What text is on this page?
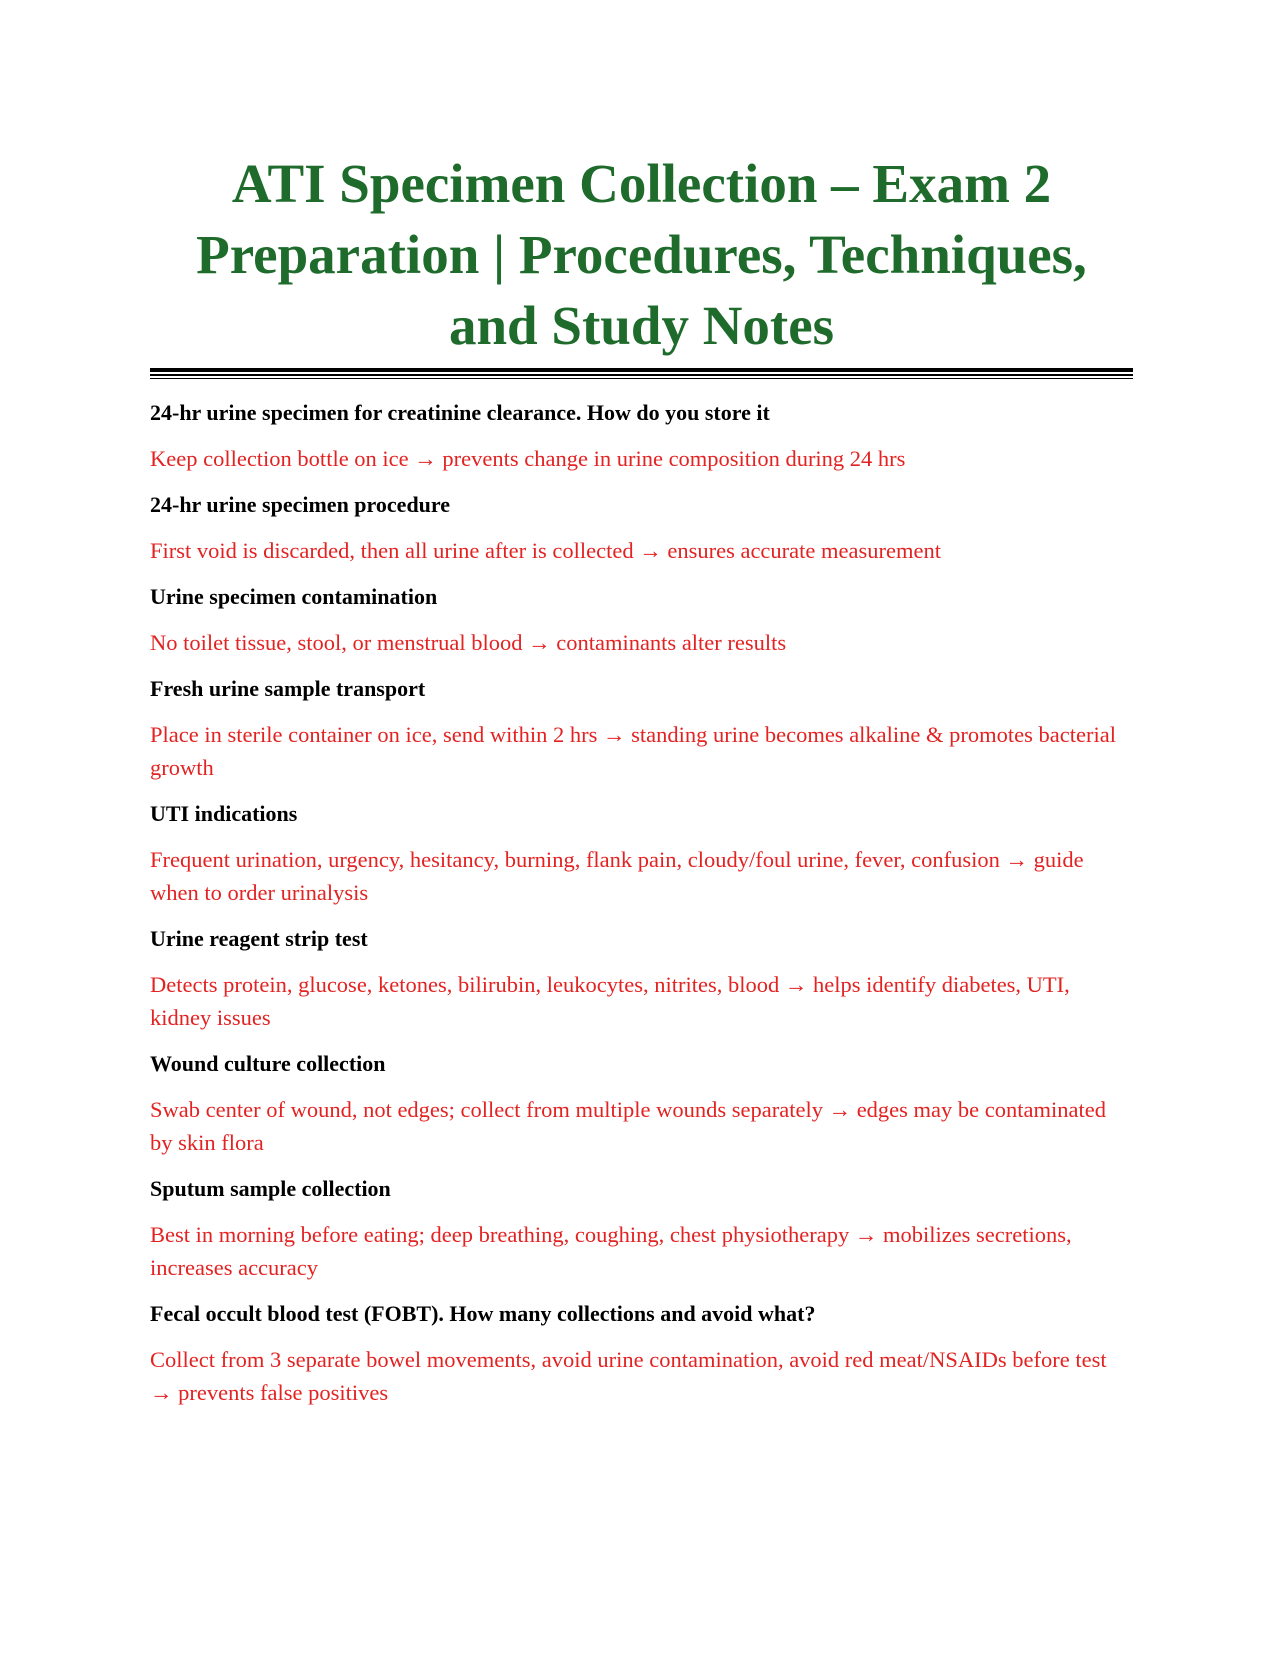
ATI Specimen Collection – Exam 2 Preparation | Procedures, Techniques, and Study Notes

24-hr urine specimen for creatinine clearance. How do you store it

Keep collection bottle on ice → prevents change in urine composition during 24 hrs

24-hr urine specimen procedure

First void is discarded, then all urine after is collected → ensures accurate measurement

Urine specimen contamination

No toilet tissue, stool, or menstrual blood → contaminants alter results

Fresh urine sample transport

Place in sterile container on ice, send within 2 hrs → standing urine becomes alkaline & promotes bacterial growth

UTI indications

Frequent urination, urgency, hesitancy, burning, flank pain, cloudy/foul urine, fever, confusion → guide when to order urinalysis

Urine reagent strip test

Detects protein, glucose, ketones, bilirubin, leukocytes, nitrites, blood → helps identify diabetes, UTI, kidney issues

Wound culture collection

Swab center of wound, not edges; collect from multiple wounds separately → edges may be contaminated by skin flora

Sputum sample collection

Best in morning before eating; deep breathing, coughing, chest physiotherapy → mobilizes secretions, increases accuracy

Fecal occult blood test (FOBT). How many collections and avoid what?

Collect from 3 separate bowel movements, avoid urine contamination, avoid red meat/NSAIDs before test → prevents false positives
